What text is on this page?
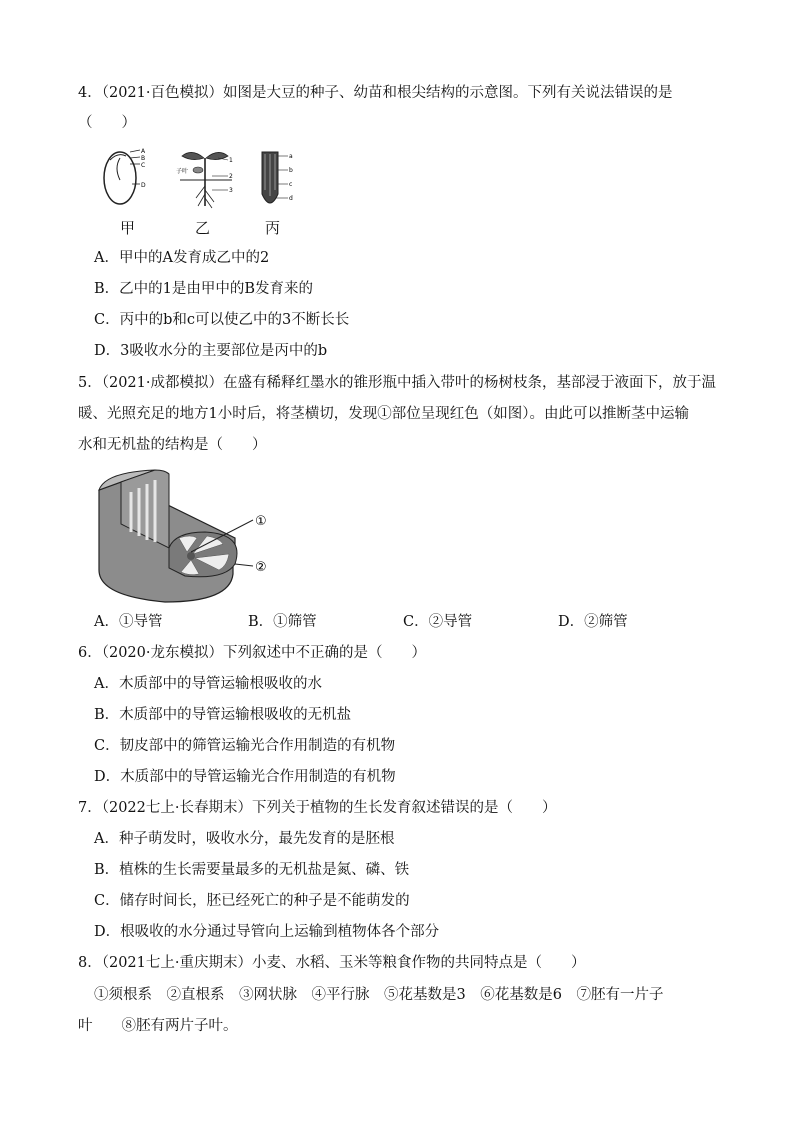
4．（2021·百色模拟）如图是大豆的种子、幼苗和根尖结构的示意图。下列有关说法错误的是
（　　）
A
B
C
D
1
2
3
子叶
a
b
c
d
甲	乙	丙
A．甲中的A发育成乙中的2
B．乙中的1是由甲中的B发育来的
C．丙中的b和c可以使乙中的3不断长长
D．3吸收水分的主要部位是丙中的b
5．（2021·成都模拟）在盛有稀释红墨水的锥形瓶中插入带叶的杨树枝条，基部浸于液面下，放于温
暖、光照充足的地方1小时后，将茎横切，发现①部位呈现红色（如图）。由此可以推断茎中运输
水和无机盐的结构是（　　）
①
②
A．①导管	B．①筛管	C．②导管	D．②筛管
6．（2020·龙东模拟）下列叙述中不正确的是（　　）
A．木质部中的导管运输根吸收的水
B．木质部中的导管运输根吸收的无机盐
C．韧皮部中的筛管运输光合作用制造的有机物
D．木质部中的导管运输光合作用制造的有机物
7．（2022七上·长春期末）下列关于植物的生长发育叙述错误的是（　　）
A．种子萌发时，吸收水分，最先发育的是胚根
B．植株的生长需要量最多的无机盐是氮、磷、铁
C．储存时间长，胚已经死亡的种子是不能萌发的
D．根吸收的水分通过导管向上运输到植物体各个部分
8．（2021七上·重庆期末）小麦、水稻、玉米等粮食作物的共同特点是（　　）
①须根系　②直根系　③网状脉　④平行脉　⑤花基数是3　⑥花基数是6　⑦胚有一片子
叶　　⑧胚有两片子叶。
